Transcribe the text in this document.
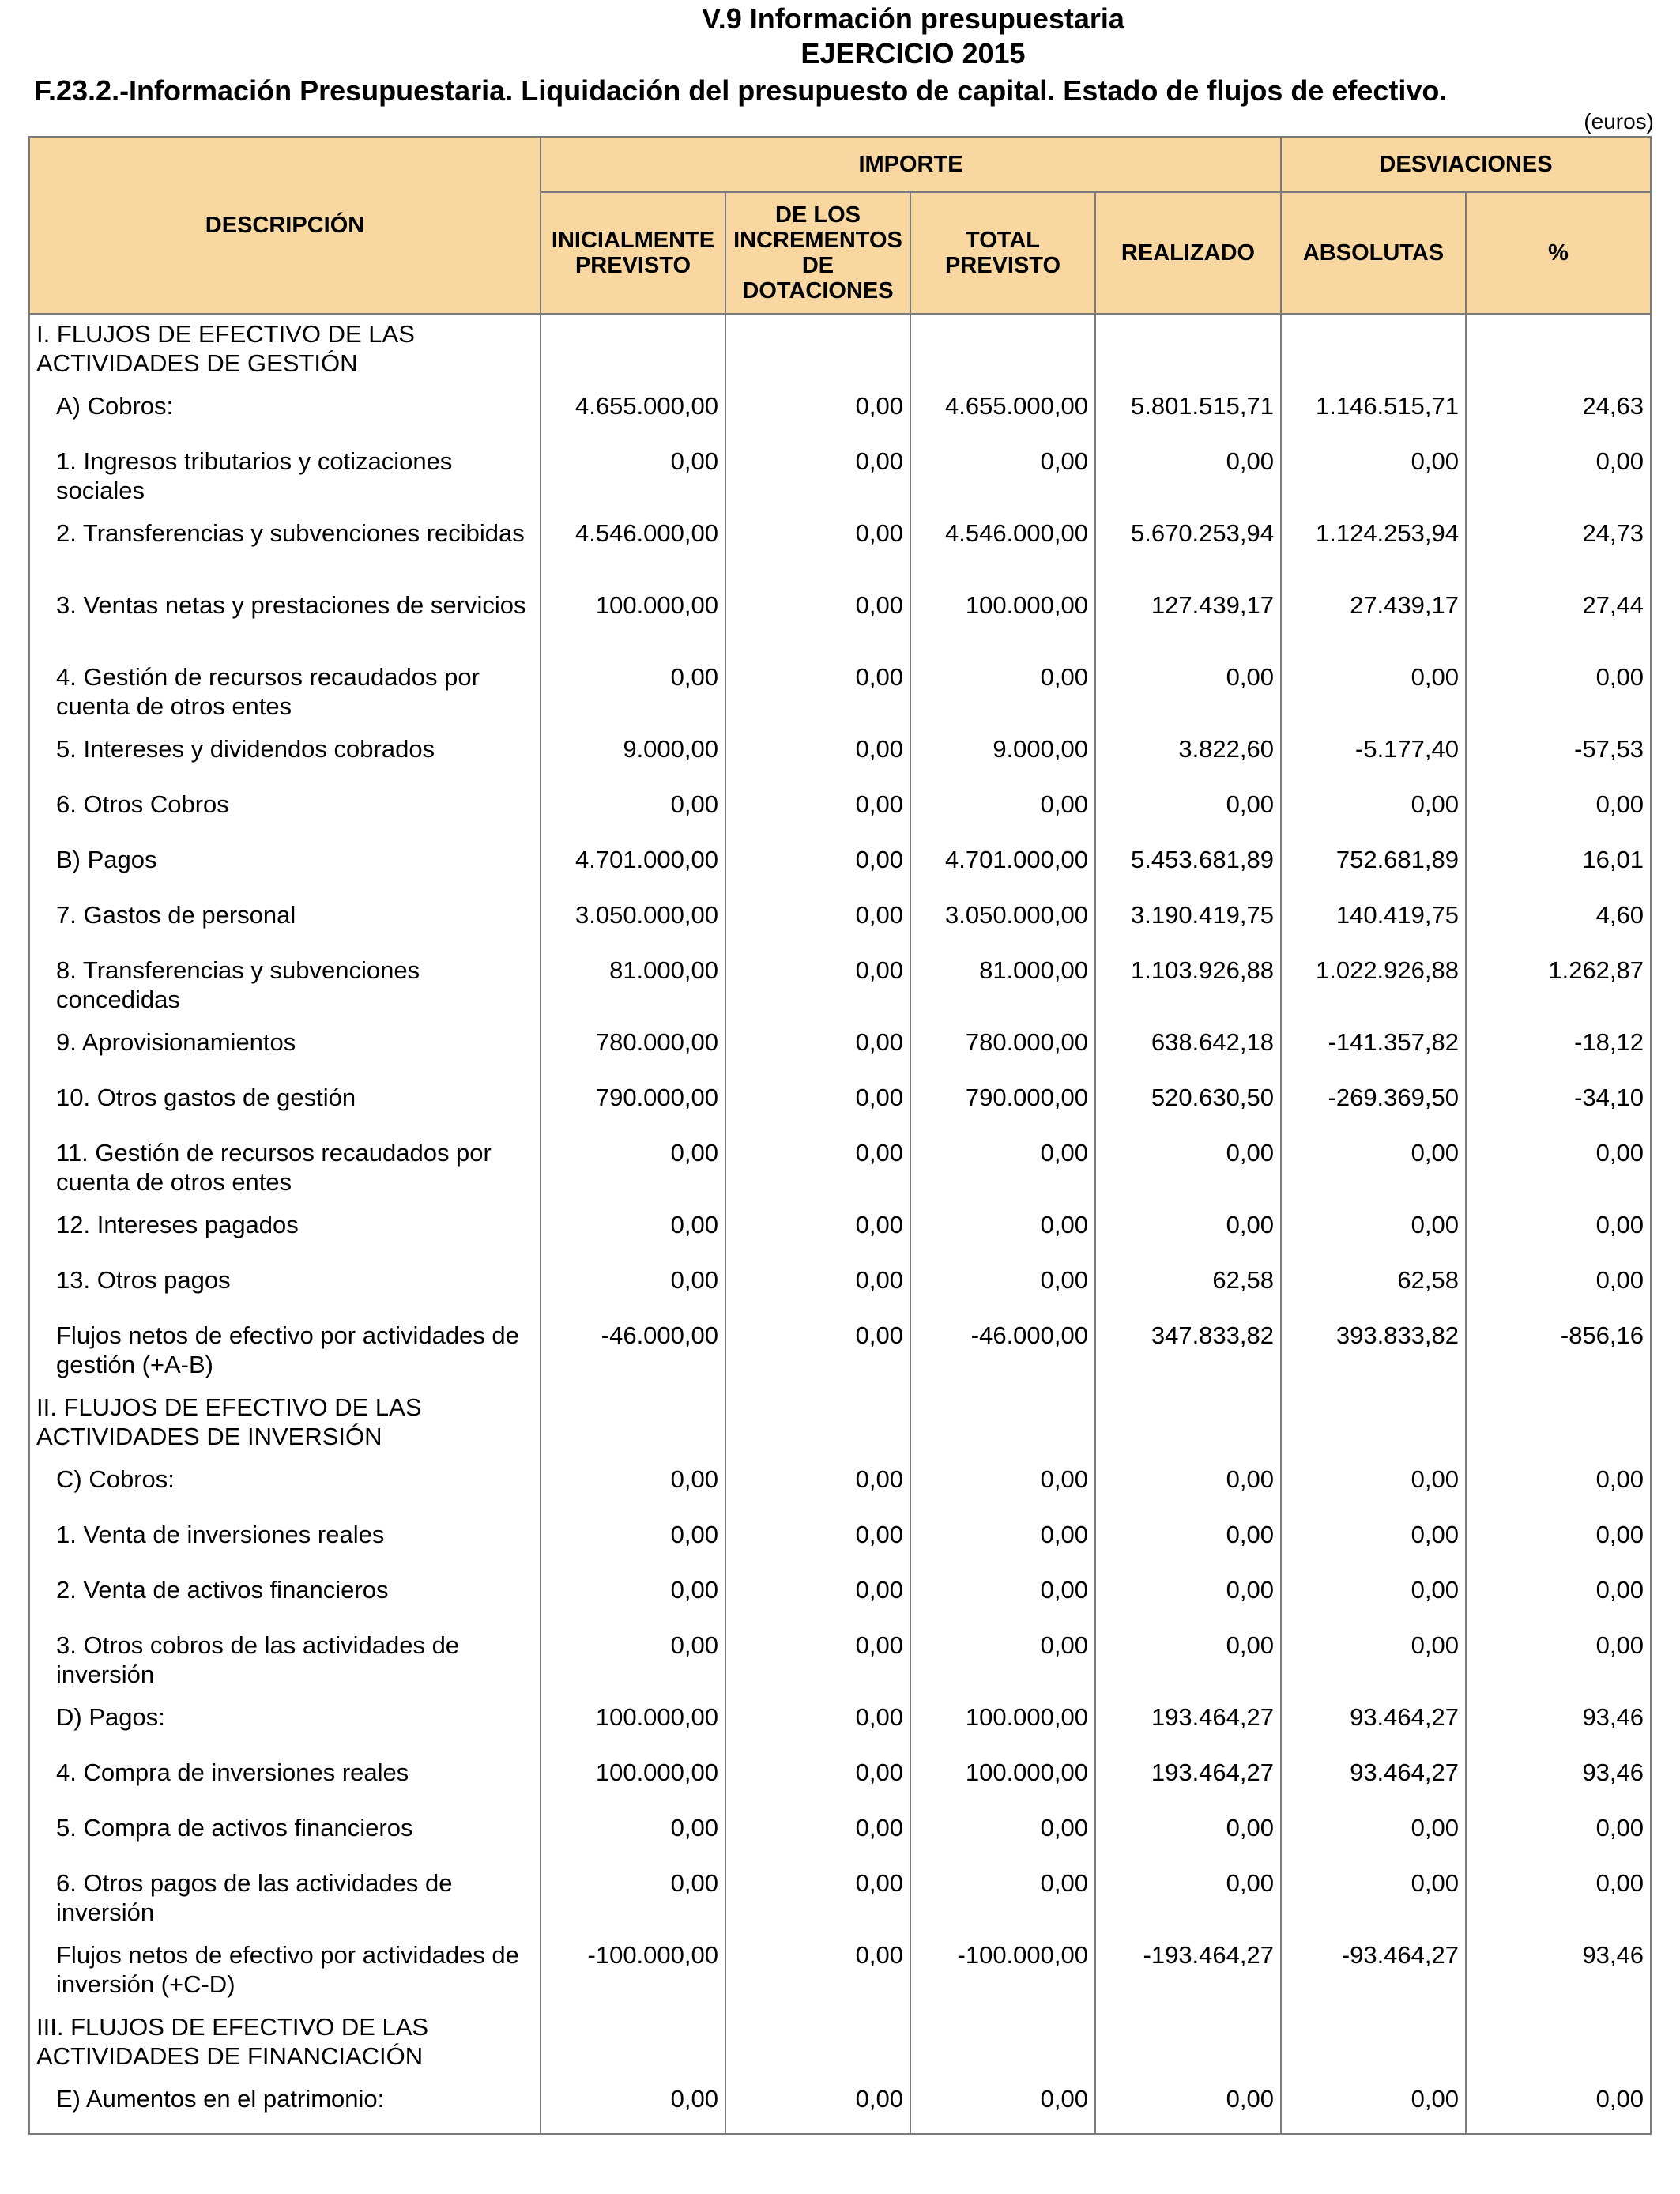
V.9 Información presupuestaria
EJERCICIO 2015
F.23.2.-Información Presupuestaria. Liquidación del presupuesto de capital. Estado de flujos de efectivo.
(euros)
DESCRIPCIÓN	IMPORTE				DESVIACIONES	
	INICIALMENTE PREVISTO	DE LOS INCREMENTOS DE DOTACIONES	TOTAL PREVISTO	REALIZADO	ABSOLUTAS	%
I. FLUJOS DE EFECTIVO DE LAS ACTIVIDADES DE GESTIÓN						
A) Cobros:	4.655.000,00	0,00	4.655.000,00	5.801.515,71	1.146.515,71	24,63
1. Ingresos tributarios y cotizaciones sociales	0,00	0,00	0,00	0,00	0,00	0,00
2. Transferencias y subvenciones recibidas	4.546.000,00	0,00	4.546.000,00	5.670.253,94	1.124.253,94	24,73
3. Ventas netas y prestaciones de servicios	100.000,00	0,00	100.000,00	127.439,17	27.439,17	27,44
4. Gestión de recursos recaudados por cuenta de otros entes	0,00	0,00	0,00	0,00	0,00	0,00
5. Intereses y dividendos cobrados	9.000,00	0,00	9.000,00	3.822,60	-5.177,40	-57,53
6. Otros Cobros	0,00	0,00	0,00	0,00	0,00	0,00
B) Pagos	4.701.000,00	0,00	4.701.000,00	5.453.681,89	752.681,89	16,01
7. Gastos de personal	3.050.000,00	0,00	3.050.000,00	3.190.419,75	140.419,75	4,60
8. Transferencias y subvenciones concedidas	81.000,00	0,00	81.000,00	1.103.926,88	1.022.926,88	1.262,87
9. Aprovisionamientos	780.000,00	0,00	780.000,00	638.642,18	-141.357,82	-18,12
10. Otros gastos de gestión	790.000,00	0,00	790.000,00	520.630,50	-269.369,50	-34,10
11. Gestión de recursos recaudados por cuenta de otros entes	0,00	0,00	0,00	0,00	0,00	0,00
12. Intereses pagados	0,00	0,00	0,00	0,00	0,00	0,00
13. Otros pagos	0,00	0,00	0,00	62,58	62,58	0,00
Flujos netos de efectivo por actividades de gestión (+A-B)	-46.000,00	0,00	-46.000,00	347.833,82	393.833,82	-856,16
II. FLUJOS DE EFECTIVO DE LAS ACTIVIDADES DE INVERSIÓN						
C) Cobros:	0,00	0,00	0,00	0,00	0,00	0,00
1. Venta de inversiones reales	0,00	0,00	0,00	0,00	0,00	0,00
2. Venta de activos financieros	0,00	0,00	0,00	0,00	0,00	0,00
3. Otros cobros de las actividades de inversión	0,00	0,00	0,00	0,00	0,00	0,00
D) Pagos:	100.000,00	0,00	100.000,00	193.464,27	93.464,27	93,46
4. Compra de inversiones reales	100.000,00	0,00	100.000,00	193.464,27	93.464,27	93,46
5. Compra de activos financieros	0,00	0,00	0,00	0,00	0,00	0,00
6. Otros pagos de las actividades de inversión	0,00	0,00	0,00	0,00	0,00	0,00
Flujos netos de efectivo por actividades de inversión (+C-D)	-100.000,00	0,00	-100.000,00	-193.464,27	-93.464,27	93,46
III. FLUJOS DE EFECTIVO DE LAS ACTIVIDADES DE FINANCIACIÓN						
E) Aumentos en el patrimonio:	0,00	0,00	0,00	0,00	0,00	0,00
